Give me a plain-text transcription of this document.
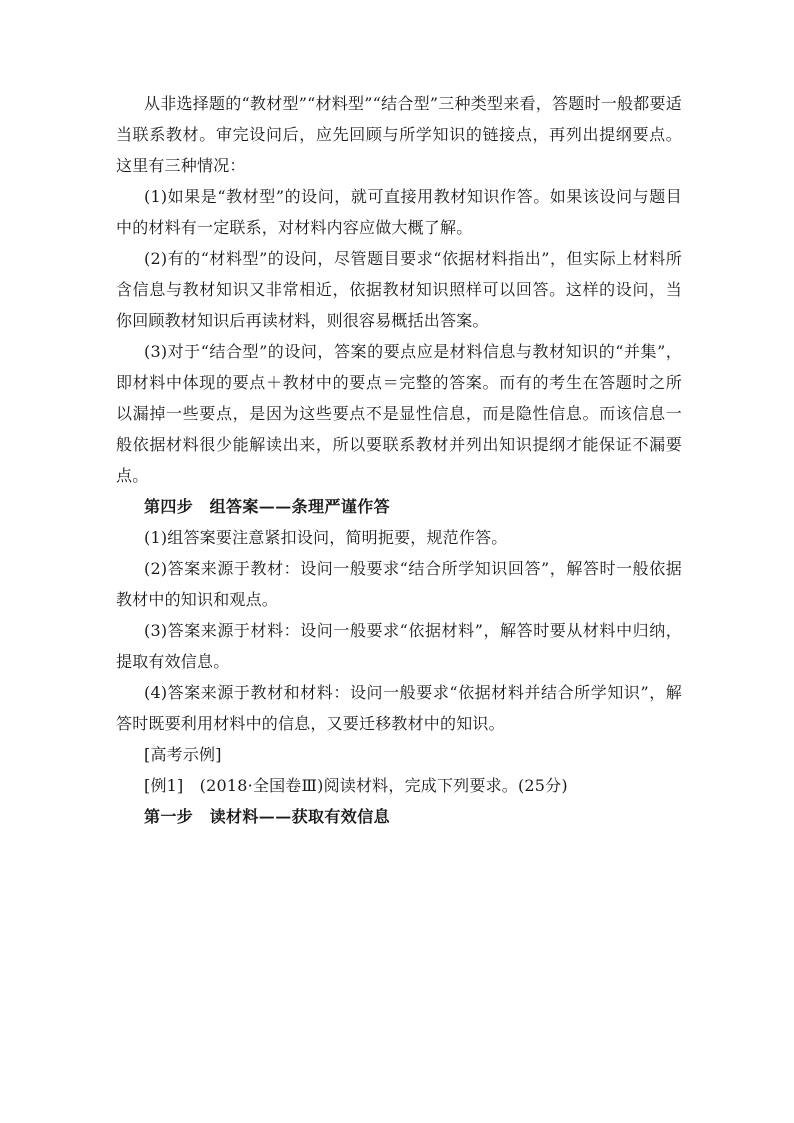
从非选择题的“教材型”“材料型”“结合型”三种类型来看，答题时一般都要适当联系教材。审完设问后，应先回顾与所学知识的链接点，再列出提纲要点。这里有三种情况：

(1)如果是“教材型”的设问，就可直接用教材知识作答。如果该设问与题目中的材料有一定联系，对材料内容应做大概了解。

(2)有的“材料型”的设问，尽管题目要求“依据材料指出”，但实际上材料所含信息与教材知识又非常相近，依据教材知识照样可以回答。这样的设问，当你回顾教材知识后再读材料，则很容易概括出答案。

(3)对于“结合型”的设问，答案的要点应是材料信息与教材知识的“并集”，即材料中体现的要点＋教材中的要点＝完整的答案。而有的考生在答题时之所以漏掉一些要点，是因为这些要点不是显性信息，而是隐性信息。而该信息一般依据材料很少能解读出来，所以要联系教材并列出知识提纲才能保证不漏要点。

第四步　组答案——条理严谨作答

(1)组答案要注意紧扣设问，简明扼要，规范作答。

(2)答案来源于教材：设问一般要求“结合所学知识回答”，解答时一般依据教材中的知识和观点。

(3)答案来源于材料：设问一般要求“依据材料”，解答时要从材料中归纳，提取有效信息。

(4)答案来源于教材和材料：设问一般要求“依据材料并结合所学知识”，解答时既要利用材料中的信息，又要迁移教材中的知识。

[高考示例]

[例1]　(2018·全国卷Ⅲ)阅读材料，完成下列要求。(25分)

第一步　读材料——获取有效信息
